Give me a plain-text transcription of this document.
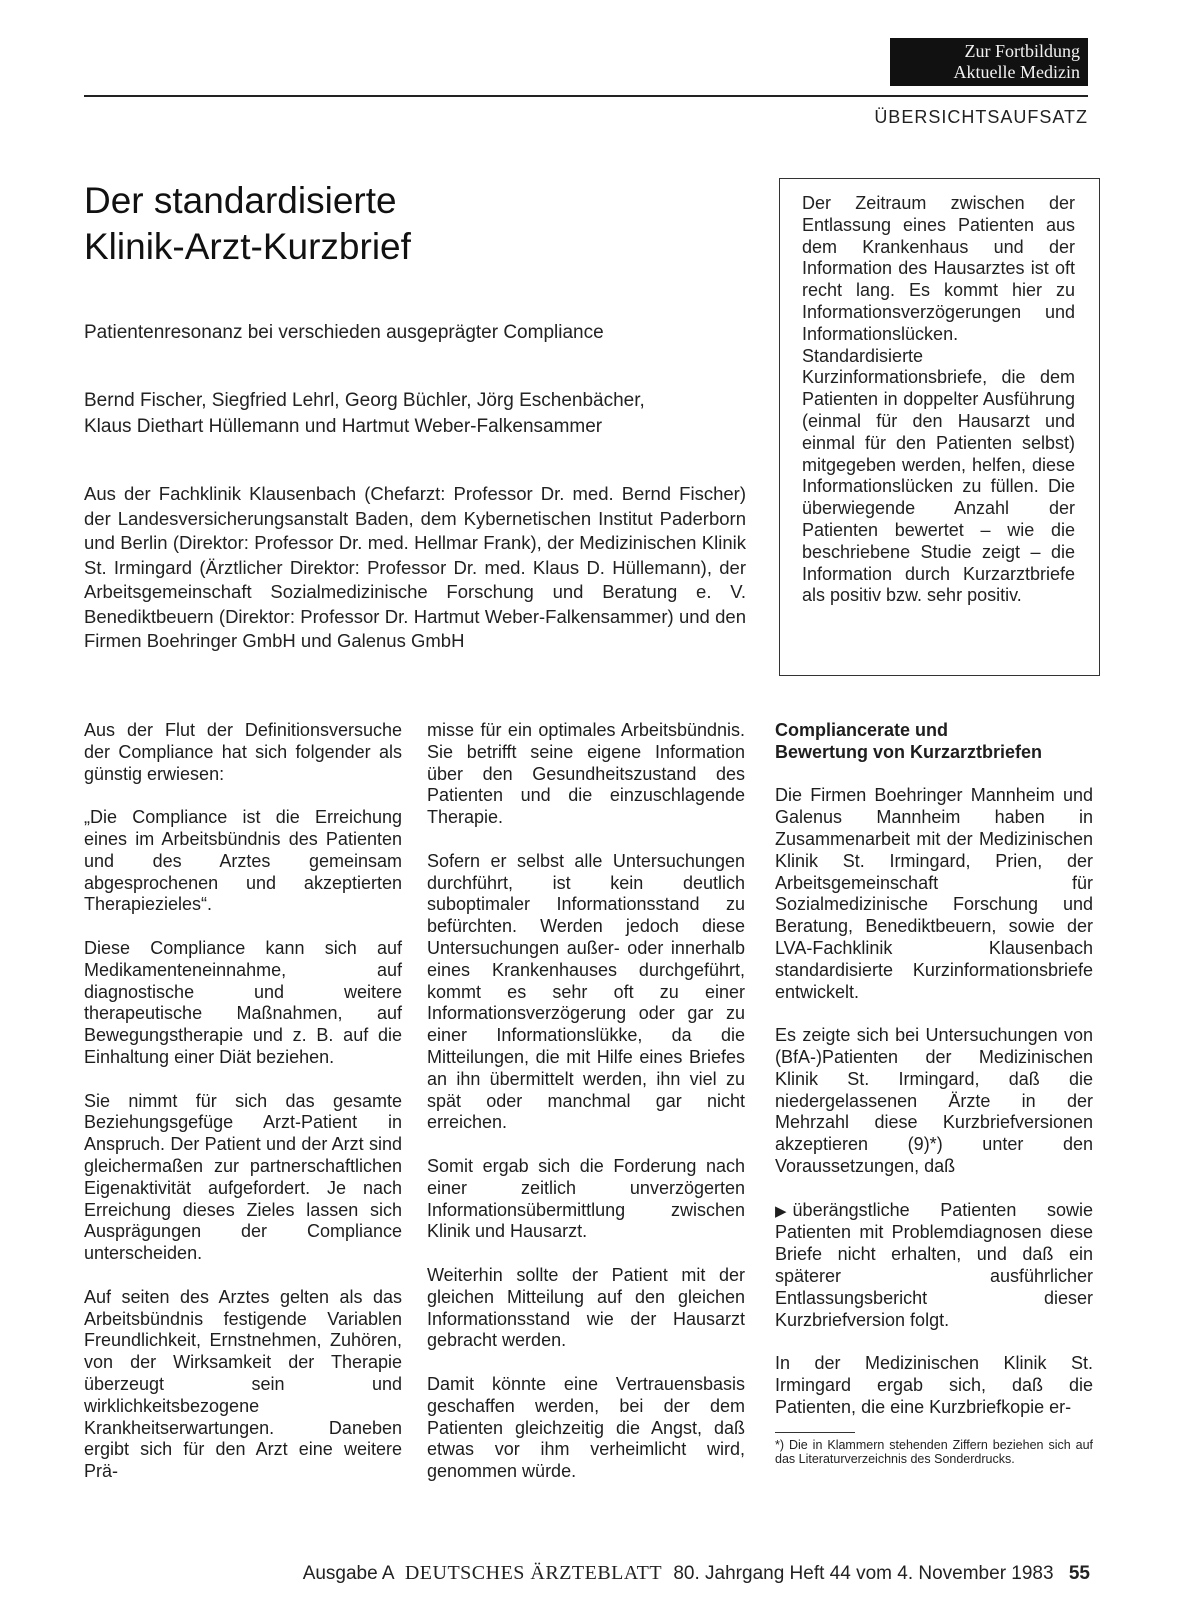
Zur Fortbildung
Aktuelle Medizin
ÜBERSICHTSAUFSATZ
Der standardisierte
Klinik-Arzt-Kurzbrief
Patientenresonanz bei verschieden ausgeprägter Compliance
Bernd Fischer, Siegfried Lehrl, Georg Büchler, Jörg Eschenbächer,
Klaus Diethart Hüllemann und Hartmut Weber-Falkensammer
Aus der Fachklinik Klausenbach (Chefarzt: Professor Dr. med. Bernd Fischer) der Landesversicherungsanstalt Baden, dem Kybernetischen Institut Paderborn und Berlin (Direktor: Professor Dr. med. Hellmar Frank), der Medizinischen Klinik St. Irmingard (Ärztlicher Direktor: Professor Dr. med. Klaus D. Hüllemann), der Arbeitsgemeinschaft Sozialmedizinische Forschung und Beratung e. V. Benediktbeuern (Direktor: Professor Dr. Hartmut Weber-Falkensammer) und den Firmen Boehringer GmbH und Galenus GmbH
Der Zeitraum zwischen der Entlassung eines Patienten aus dem Krankenhaus und der Information des Hausarztes ist oft recht lang. Es kommt hier zu Informationsverzögerungen und Informationslücken. Standardisierte Kurzinformationsbriefe, die dem Patienten in doppelter Ausführung (einmal für den Hausarzt und einmal für den Patienten selbst) mitgegeben werden, helfen, diese Informationslücken zu füllen. Die überwiegende Anzahl der Patienten bewertet – wie die beschriebene Studie zeigt – die Information durch Kurzarztbriefe als positiv bzw. sehr positiv.

Aus der Flut der Definitionsversuche der Compliance hat sich folgender als günstig erwiesen:

„Die Compliance ist die Erreichung eines im Arbeitsbündnis des Patienten und des Arztes gemeinsam abgesprochenen und akzeptierten Therapiezieles“.

Diese Compliance kann sich auf Medikamenteneinnahme, auf diagnostische und weitere therapeutische Maßnahmen, auf Bewegungstherapie und z. B. auf die Einhaltung einer Diät beziehen.

Sie nimmt für sich das gesamte Beziehungsgefüge Arzt-Patient in Anspruch. Der Patient und der Arzt sind gleichermaßen zur partnerschaftlichen Eigenaktivität aufgefordert. Je nach Erreichung dieses Zieles lassen sich Ausprägungen der Compliance unterscheiden.

Auf seiten des Arztes gelten als das Arbeitsbündnis festigende Variablen Freundlichkeit, Ernstnehmen, Zuhören, von der Wirksamkeit der Therapie überzeugt sein und wirklichkeitsbezogene Krankheitserwartungen. Daneben ergibt sich für den Arzt eine weitere Prä-

misse für ein optimales Arbeitsbündnis. Sie betrifft seine eigene Information über den Gesundheitszustand des Patienten und die einzuschlagende Therapie.

Sofern er selbst alle Untersuchungen durchführt, ist kein deutlich suboptimaler Informationsstand zu befürchten. Werden jedoch diese Untersuchungen außer- oder innerhalb eines Krankenhauses durchgeführt, kommt es sehr oft zu einer Informationsverzögerung oder gar zu einer Informationslükke, da die Mitteilungen, die mit Hilfe eines Briefes an ihn übermittelt werden, ihn viel zu spät oder manchmal gar nicht erreichen.

Somit ergab sich die Forderung nach einer zeitlich unverzögerten Informationsübermittlung zwischen Klinik und Hausarzt.

Weiterhin sollte der Patient mit der gleichen Mitteilung auf den gleichen Informationsstand wie der Hausarzt gebracht werden.

Damit könnte eine Vertrauensbasis geschaffen werden, bei der dem Patienten gleichzeitig die Angst, daß etwas vor ihm verheimlicht wird, genommen würde.

Compliancerate und
Bewertung von Kurzarztbriefen

Die Firmen Boehringer Mannheim und Galenus Mannheim haben in Zusammenarbeit mit der Medizinischen Klinik St. Irmingard, Prien, der Arbeitsgemeinschaft für Sozialmedizinische Forschung und Beratung, Benediktbeuern, sowie der LVA-Fachklinik Klausenbach standardisierte Kurzinformationsbriefe entwickelt.

Es zeigte sich bei Untersuchungen von (BfA-)Patienten der Medizinischen Klinik St. Irmingard, daß die niedergelassenen Ärzte in der Mehrzahl diese Kurzbriefversionen akzeptieren (9)*) unter den Voraussetzungen, daß

▶ überängstliche Patienten sowie Patienten mit Problemdiagnosen diese Briefe nicht erhalten, und daß ein späterer ausführlicher Entlassungsbericht dieser Kurzbriefversion folgt.

In der Medizinischen Klinik St. Irmingard ergab sich, daß die Patienten, die eine Kurzbriefkopie er-

*) Die in Klammern stehenden Ziffern beziehen sich auf das Literaturverzeichnis des Sonderdrucks.
Ausgabe A DEUTSCHES ÄRZTEBLATT 80. Jahrgang Heft 44 vom 4. November 1983 55
